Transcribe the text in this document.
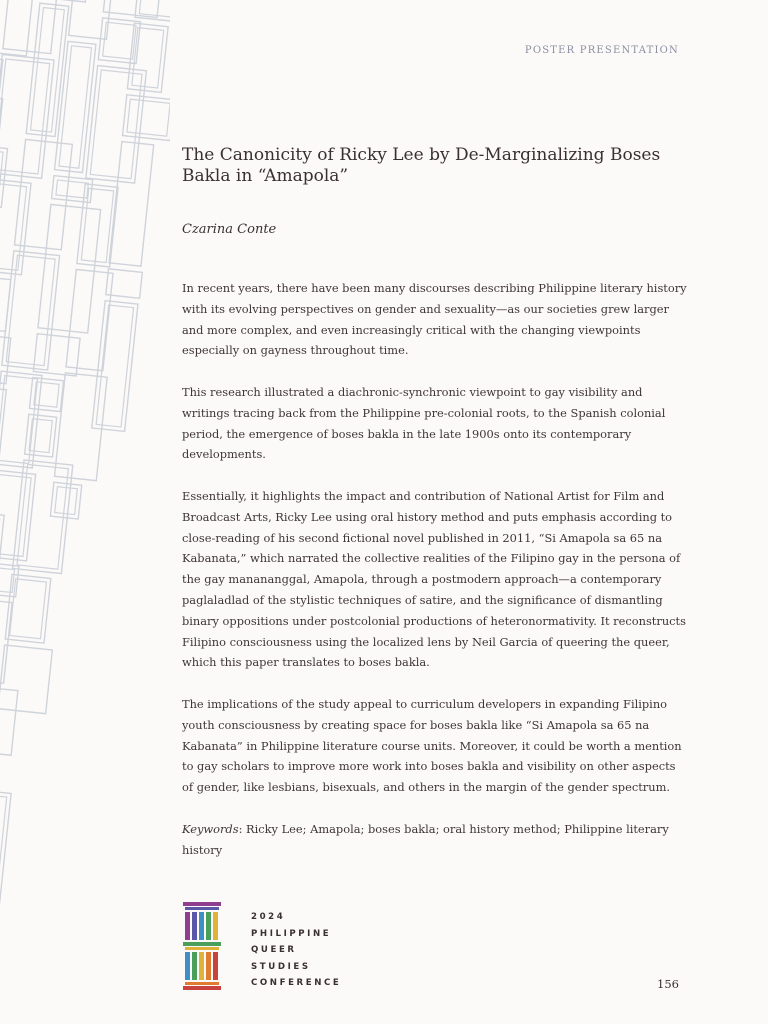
POSTER PRESENTATION

The Canonicity of Ricky Lee by De-Marginalizing Boses Bakla in “Amapola”

Czarina Conte

In recent years, there have been many discourses describing Philippine literary history with its evolving perspectives on gender and sexuality—as our societies grew larger and more complex, and even increasingly critical with the changing viewpoints especially on gayness throughout time.

This research illustrated a diachronic-synchronic viewpoint to gay visibility and writings tracing back from the Philippine pre-colonial roots, to the Spanish colonial period, the emergence of boses bakla in the late 1900s onto its contemporary developments.

Essentially, it highlights the impact and contribution of National Artist for Film and Broadcast Arts, Ricky Lee using oral history method and puts emphasis according to close-reading of his second fictional novel published in 2011, “Si Amapola sa 65 na Kabanata,” which narrated the collective realities of the Filipino gay in the persona of the gay manananggal, Amapola, through a postmodern approach—a contemporary paglaladlad of the stylistic techniques of satire, and the significance of dismantling binary oppositions under postcolonial productions of heteronormativity. It reconstructs Filipino consciousness using the localized lens by Neil Garcia of queering the queer, which this paper translates to boses bakla.

The implications of the study appeal to curriculum developers in expanding Filipino youth consciousness by creating space for boses bakla like “Si Amapola sa 65 na Kabanata” in Philippine literature course units. Moreover, it could be worth a mention to gay scholars to improve more work into boses bakla and visibility on other aspects of gender, like lesbians, bisexuals, and others in the margin of the gender spectrum.

Keywords: Ricky Lee; Amapola; boses bakla; oral history method; Philippine literary history

2024
PHILIPPINE
QUEER
STUDIES
CONFERENCE	156
